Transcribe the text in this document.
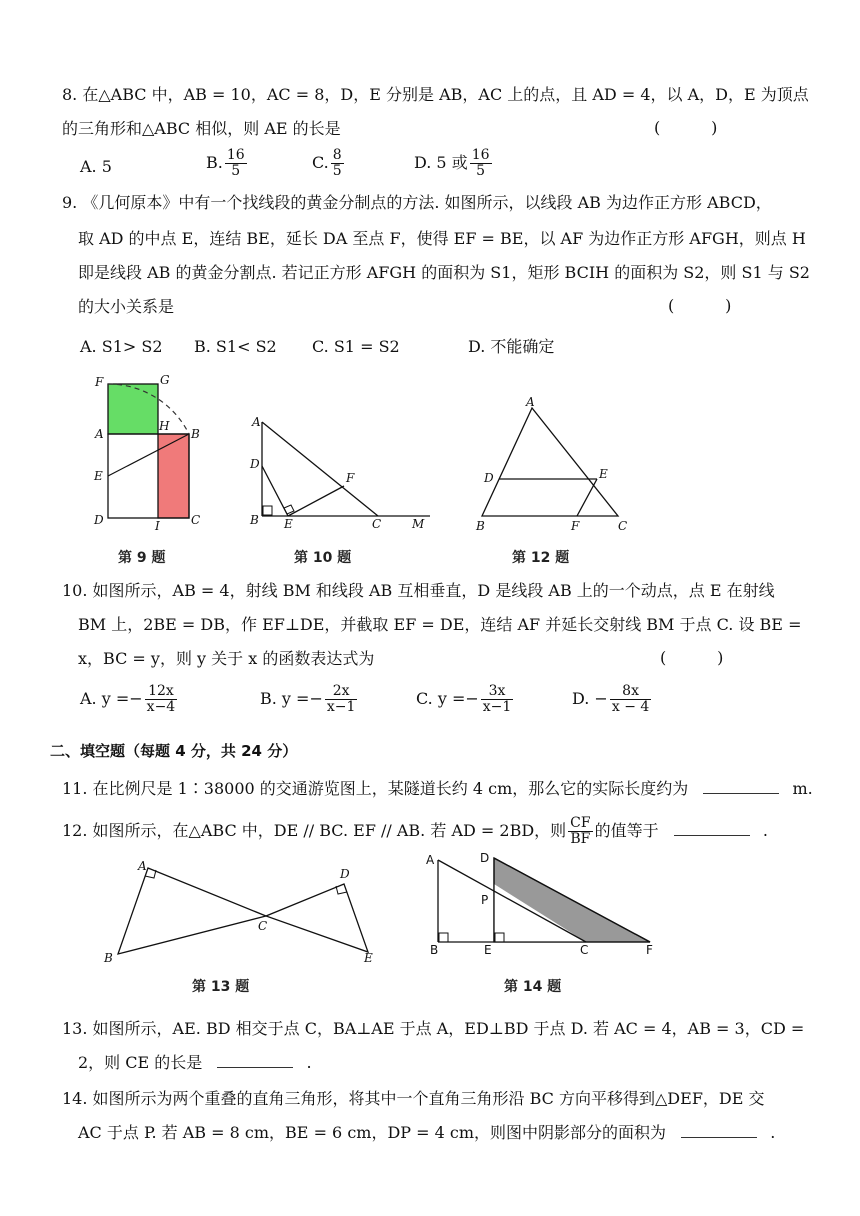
8. 在△ABC 中，AB = 10，AC = 8，D，E 分别是 AB，AC 上的点，且 AD = 4，以 A，D，E 为顶点
的三角形和△ABC 相似，则 AE 的长是	(          )
A. 5	B. $\frac{16}{5}$	C. $\frac{8}{5}$	D. 5 或 $\frac{16}{5}$
9. 《几何原本》中有一个找线段的黄金分制点的方法. 如图所示，以线段 AB 为边作正方形 ABCD，
取 AD 的中点 E，连结 BE，延长 DA 至点 F，使得 EF = BE，以 AF 为边作正方形 AFGH，则点 H
即是线段 AB 的黄金分割点. 若记正方形 AFGH 的面积为 S1，矩形 BCIH 的面积为 S2，则 S1 与 S2
的大小关系是	(          )
A. S1> S2 B. S1< S2 C. S1 = S2	D. 不能确定
F	G
A
H
B
E
D	I	C
第 9 题
A
D
F
B E	C	M
第 10 题
A
D	E
B	F	C
第 12 题
10. 如图所示，AB = 4，射线 BM 和线段 AB 互相垂直，D 是线段 AB 上的一个动点，点 E 在射线
BM 上，2BE = DB，作 EF⊥DE，并截取 EF = DE，连结 AF 并延长交射线 BM 于点 C. 设 BE =
x，BC = y，则 y 关于 x 的函数表达式为	(          )
A. $y =- \frac{12x}{x-4}$	B. $y =- \frac{2x}{x-1}$	C. $y =- \frac{3x}{x-1}$	D. − $\frac{8x}{x - 4}$
二、填空题（每题 4 分，共 24 分）
11. 在比例尺是 1∶38000 的交通游览图上，某隧道长约 4 cm，那么它的实际长度约为	m.
12. 如图所示，在△ABC 中，DE // BC. EF // AB. 若 AD = 2BD，则 $\frac{CF}{BF}$ 的值等于	.
A
B
C
D
E
第 13 题
A	D
P
B	E	C	F
第 14 题
13. 如图所示，AE. BD 相交于点 C，BA⊥AE 于点 A，ED⊥BD 于点 D. 若 AC = 4，AB = 3，CD =
2，则 CE 的长是	.
14. 如图所示为两个重叠的直角三角形，将其中一个直角三角形沿 BC 方向平移得到△DEF，DE 交
AC 于点 P. 若 AB = 8 cm，BE = 6 cm，DP = 4 cm，则图中阴影部分的面积为	.
